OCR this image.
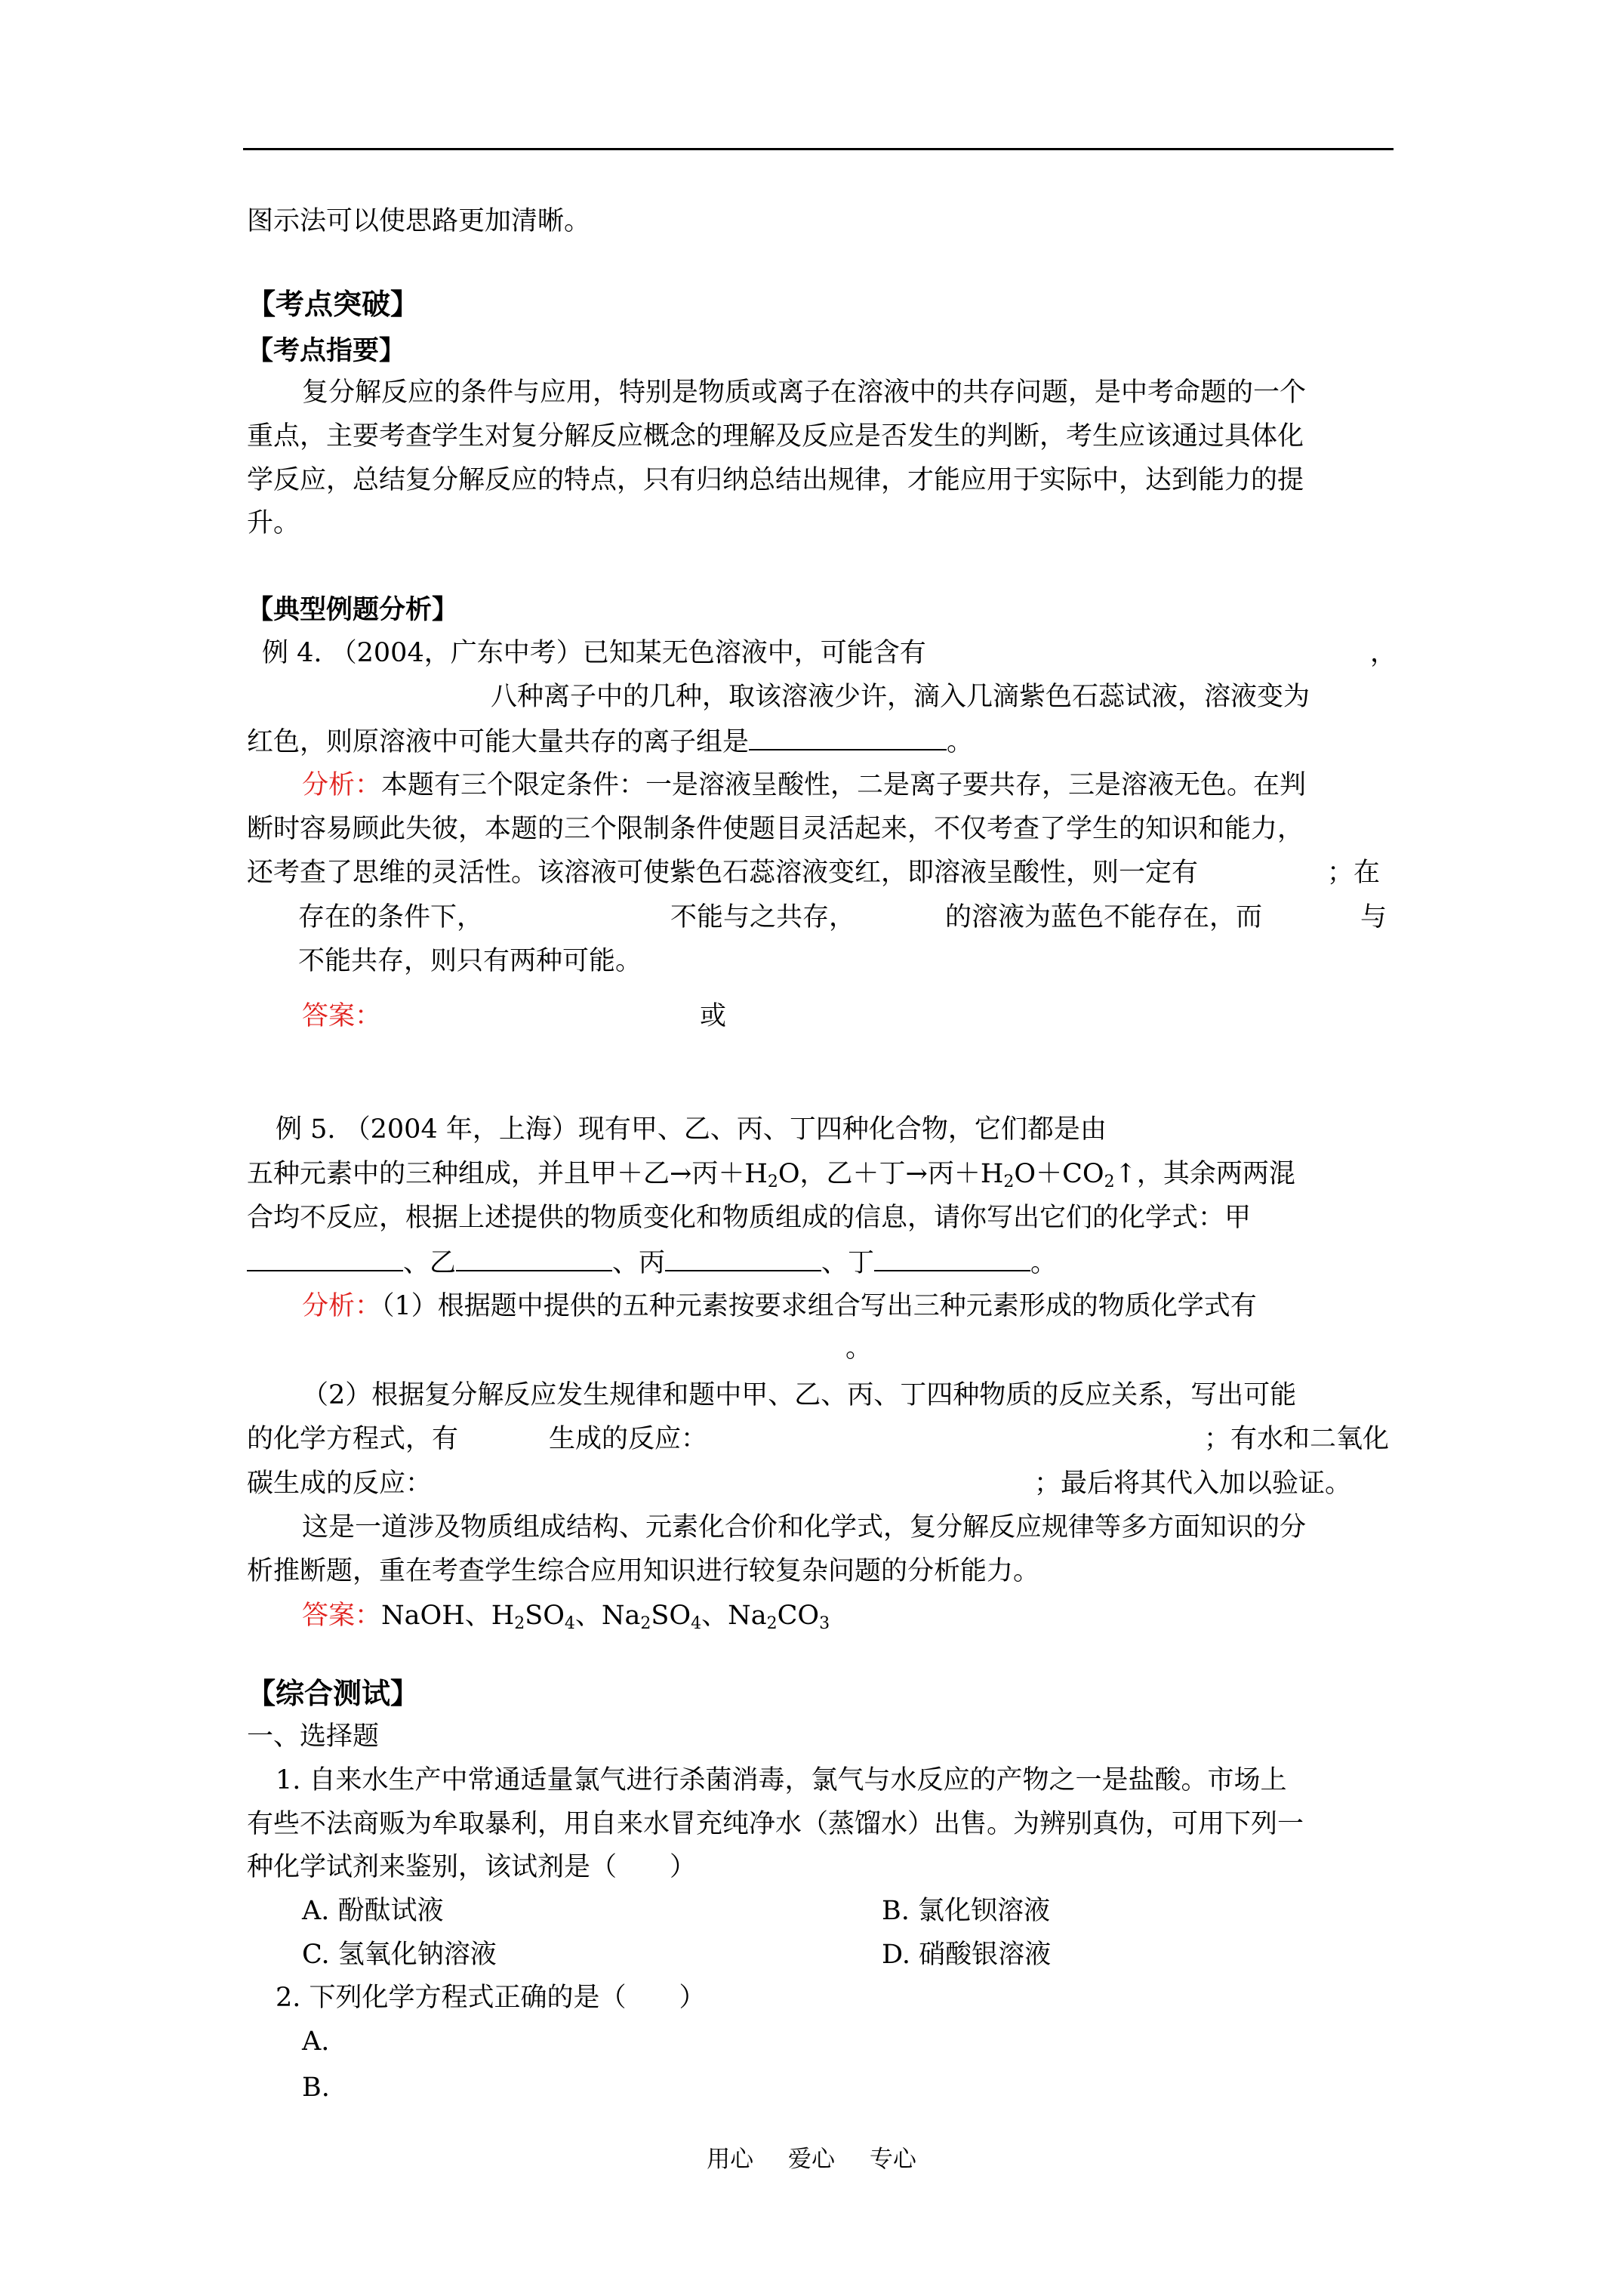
图示法可以使思路更加清晰。
【考点突破】
【考点指要】
复分解反应的条件与应用，特别是物质或离子在溶液中的共存问题，是中考命题的一个
重点，主要考查学生对复分解反应概念的理解及反应是否发生的判断，考生应该通过具体化
学反应，总结复分解反应的特点，只有归纳总结出规律，才能应用于实际中，达到能力的提
升。
【典型例题分析】
例 4. （2004，广东中考）已知某无色溶液中，可能含有	，
八种离子中的几种，取该溶液少许，滴入几滴紫色石蕊试液，溶液变为
红色，则原溶液中可能大量共存的离子组是	。
分析：本题有三个限定条件：一是溶液呈酸性，二是离子要共存，三是溶液无色。在判
断时容易顾此失彼，本题的三个限制条件使题目灵活起来，不仅考查了学生的知识和能力，
还考查了思维的灵活性。该溶液可使紫色石蕊溶液变红，即溶液呈酸性，则一定有	；在
存在的条件下，	不能与之共存，	的溶液为蓝色不能存在，而	与
不能共存，则只有两种可能。
答案：	或
例 5. （2004 年，上海）现有甲、乙、丙、丁四种化合物，它们都是由
五种元素中的三种组成，并且甲＋乙→丙$+H_2O$，乙＋丁→丙$+H_2O+CO_2↑$，其余两两混
合均不反应，根据上述提供的物质变化和物质组成的信息，请你写出它们的化学式：甲
、乙	、丙	、丁	。
分析：（1）根据题中提供的五种元素按要求组合写出三种元素形成的物质化学式有
。
（2）根据复分解反应发生规律和题中甲、乙、丙、丁四种物质的反应关系，写出可能
的化学方程式，有	生成的反应：	；有水和二氧化
碳生成的反应：	；最后将其代入加以验证。
这是一道涉及物质组成结构、元素化合价和化学式，复分解反应规律等多方面知识的分
析推断题，重在考查学生综合应用知识进行较复杂问题的分析能力。
答案：NaOH、$H_2SO_4$、$Na_2SO_4$、$Na_2CO_3$
【综合测试】
一、选择题
1. 自来水生产中常通适量氯气进行杀菌消毒，氯气与水反应的产物之一是盐酸。市场上
有些不法商贩为牟取暴利，用自来水冒充纯净水（蒸馏水）出售。为辨别真伪，可用下列一
种化学试剂来鉴别，该试剂是（　　）
A. 酚酞试液	B. 氯化钡溶液
C. 氢氧化钠溶液	D. 硝酸银溶液
2. 下列化学方程式正确的是（　　）
A.
B.
用心 爱心 专心
